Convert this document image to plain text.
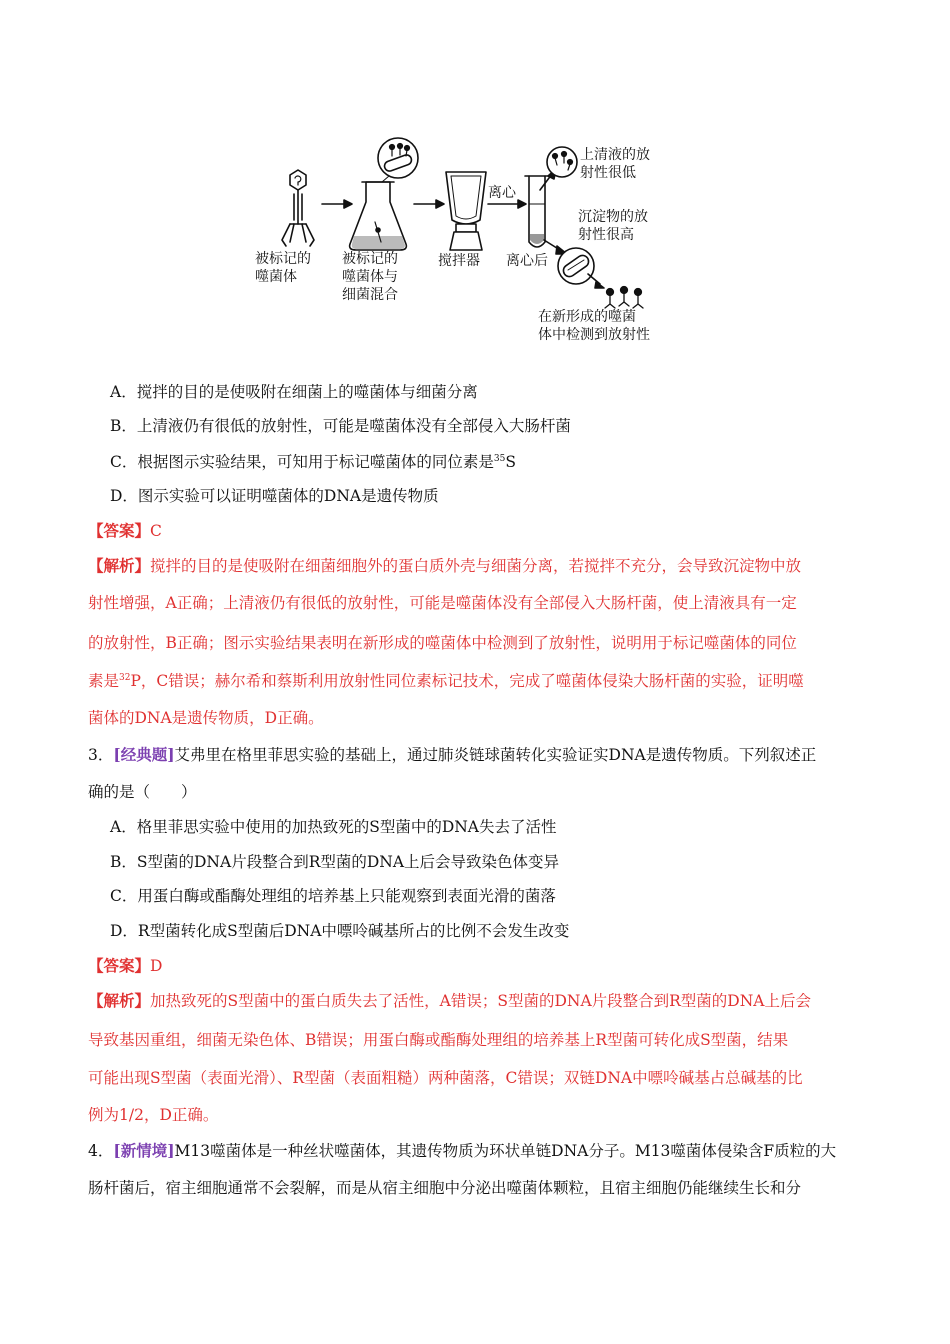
被标记的
噬菌体
被标记的
噬菌体与
细菌混合
搅拌器
离心
离心后
上清液的放
射性很低
沉淀物的放
射性很高
在新形成的噬菌
体中检测到放射性
A．搅拌的目的是使吸附在细菌上的噬菌体与细菌分离
B．上清液仍有很低的放射性，可能是噬菌体没有全部侵入大肠杆菌
C．根据图示实验结果，可知用于标记噬菌体的同位素是$^{35}$S
D．图示实验可以证明噬菌体的DNA是遗传物质
【答案】C
【解析】搅拌的目的是使吸附在细菌细胞外的蛋白质外壳与细菌分离，若搅拌不充分，会导致沉淀物中放
射性增强，A正确；上清液仍有很低的放射性，可能是噬菌体没有全部侵入大肠杆菌，使上清液具有一定
的放射性，B正确；图示实验结果表明在新形成的噬菌体中检测到了放射性，说明用于标记噬菌体的同位
素是$^{32}$P，C错误；赫尔希和蔡斯利用放射性同位素标记技术，完成了噬菌体侵染大肠杆菌的实验，证明噬
菌体的DNA是遗传物质，D正确。
3．[经典题]艾弗里在格里菲思实验的基础上，通过肺炎链球菌转化实验证实DNA是遗传物质。下列叙述正
确的是（　　）
A．格里菲思实验中使用的加热致死的S型菌中的DNA失去了活性
B．S型菌的DNA片段整合到R型菌的DNA上后会导致染色体变异
C．用蛋白酶或酯酶处理组的培养基上只能观察到表面光滑的菌落
D．R型菌转化成S型菌后DNA中嘌呤碱基所占的比例不会发生改变
【答案】D
【解析】加热致死的S型菌中的蛋白质失去了活性，A错误；S型菌的DNA片段整合到R型菌的DNA上后会
导致基因重组，细菌无染色体、B错误；用蛋白酶或酯酶处理组的培养基上R型菌可转化成S型菌，结果
可能出现S型菌（表面光滑）、R型菌（表面粗糙）两种菌落，C错误；双链DNA中嘌呤碱基占总碱基的比
例为1/2，D正确。
4．[新情境]M13噬菌体是一种丝状噬菌体，其遗传物质为环状单链DNA分子。M13噬菌体侵染含F质粒的大
肠杆菌后，宿主细胞通常不会裂解，而是从宿主细胞中分泌出噬菌体颗粒，且宿主细胞仍能继续生长和分
